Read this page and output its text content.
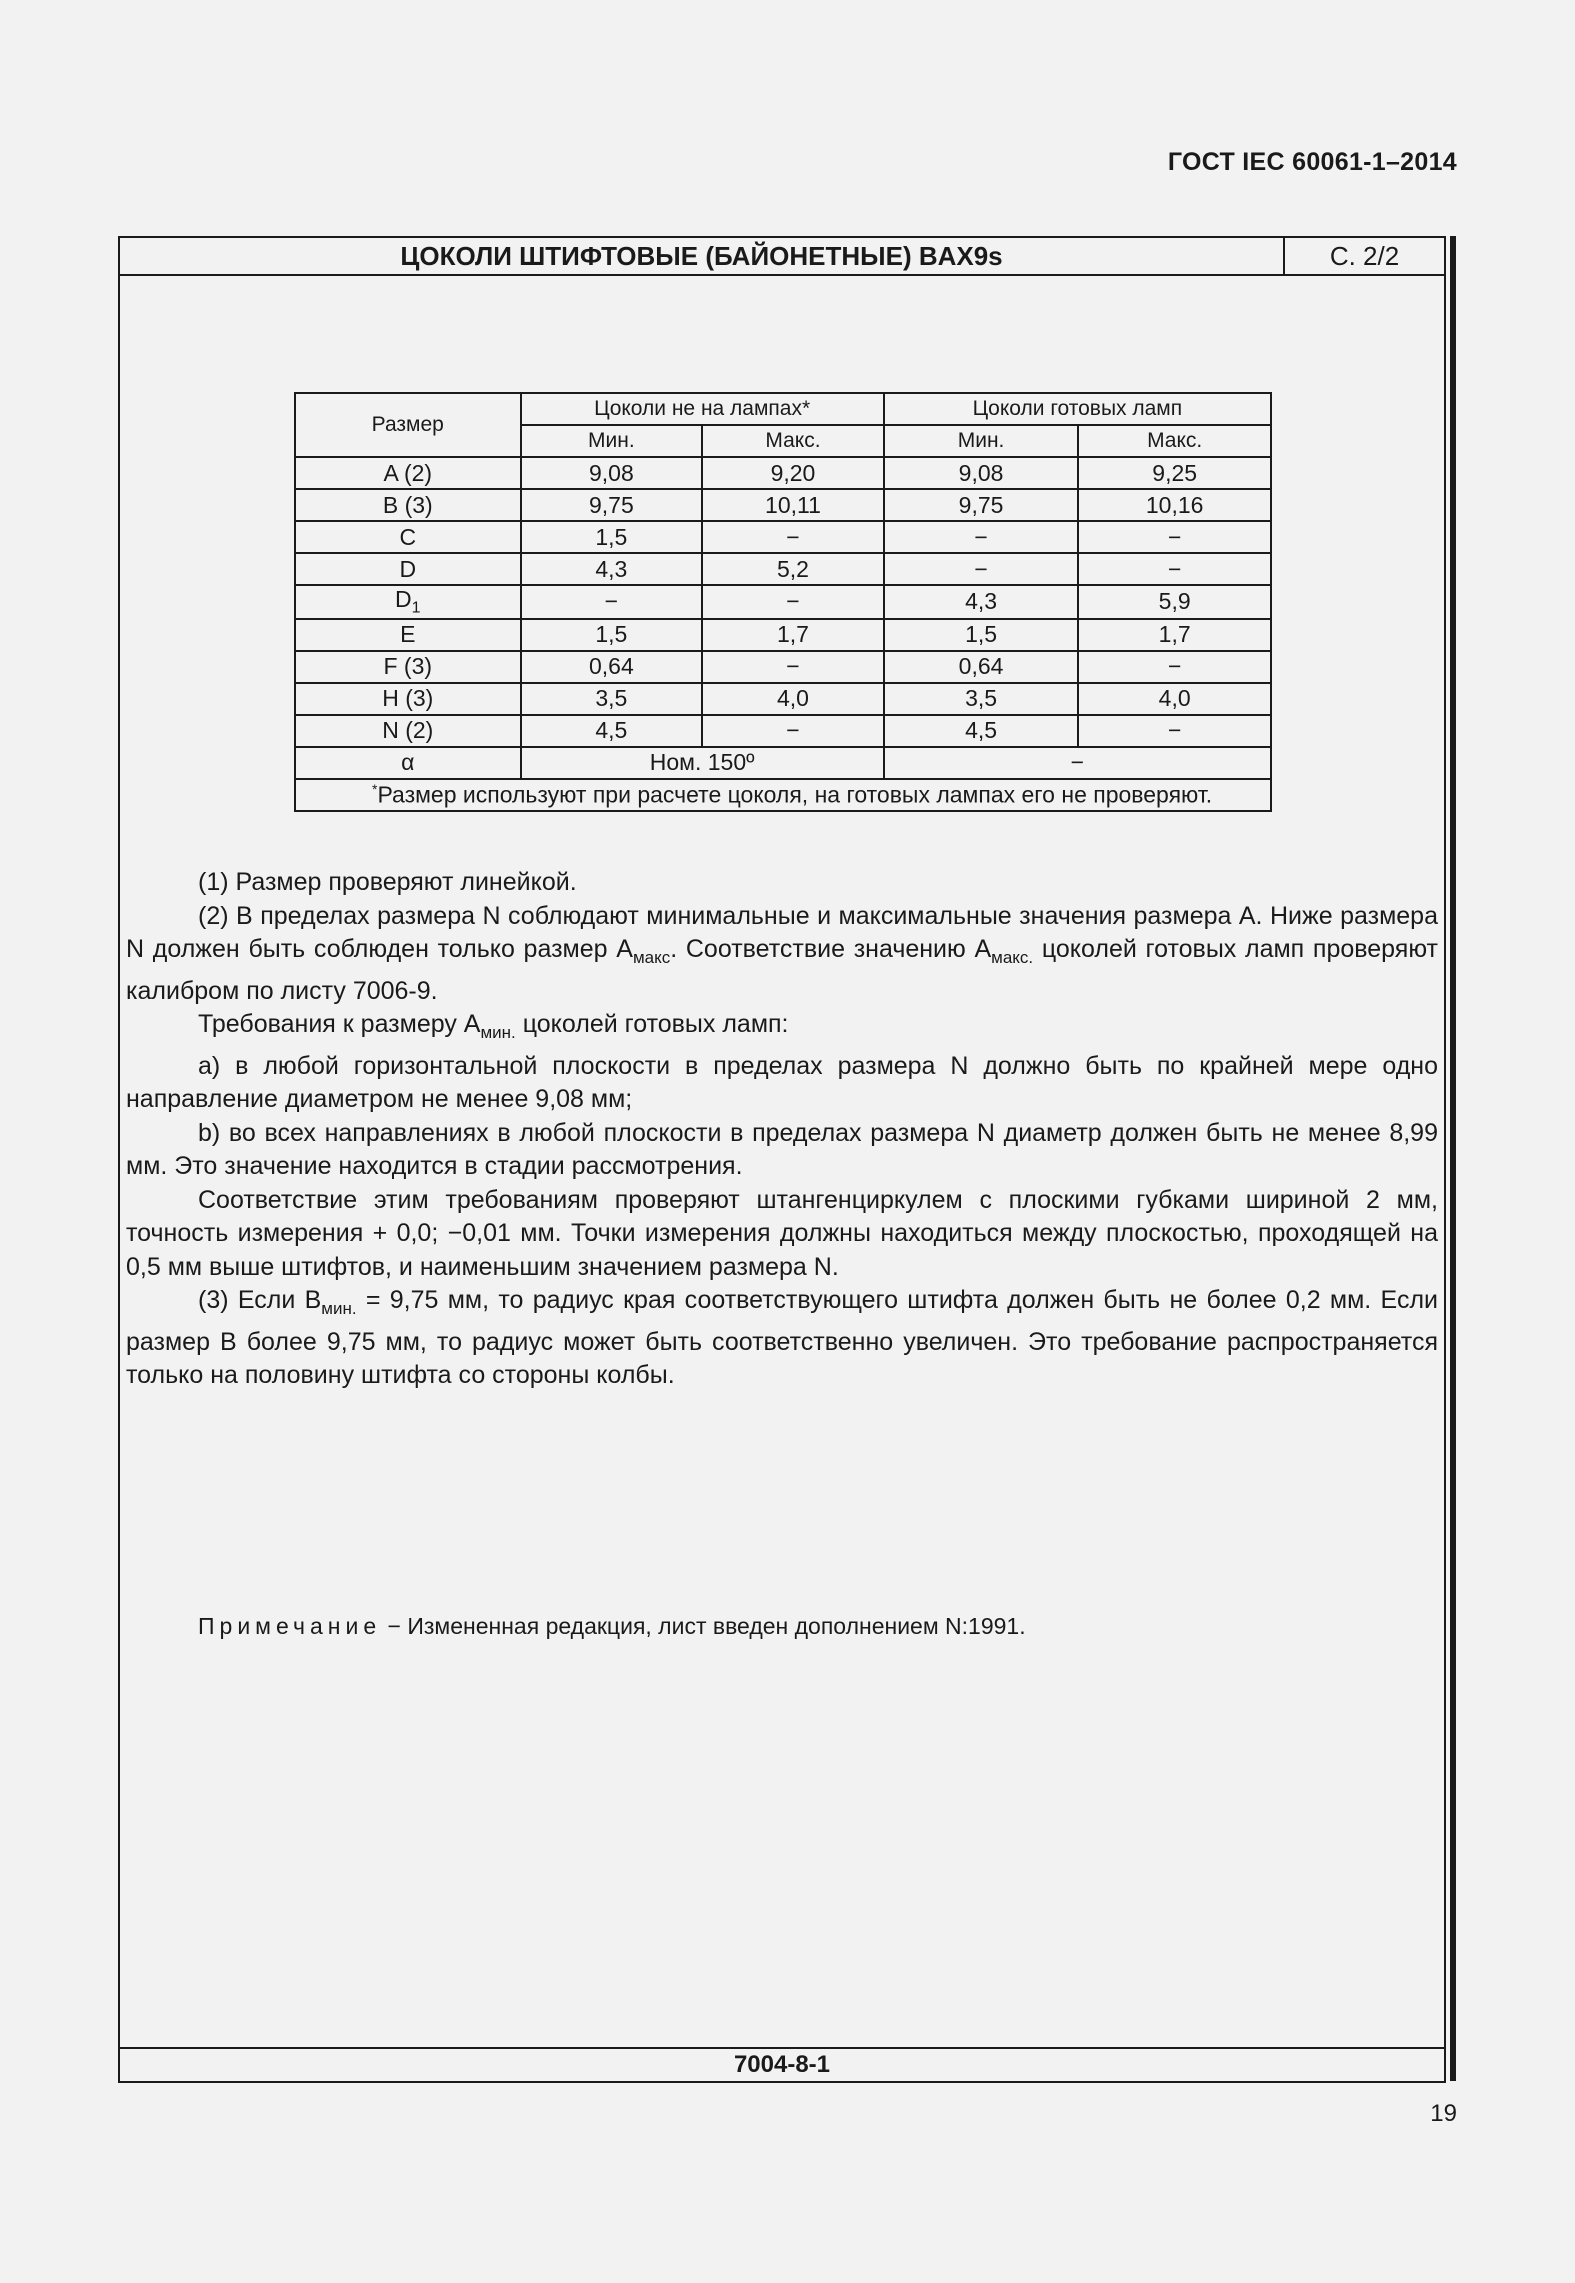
ГОСТ IEC 60061-1–2014
ЦОКОЛИ ШТИФТОВЫЕ (БАЙОНЕТНЫЕ) BAX9s	С. 2/2
Размер	Цоколи не на лампах*		Цоколи готовых ламп	
	Мин.	Макс.	Мин.	Макс.
A (2)	9,08	9,20	9,08	9,25
B (3)	9,75	10,11	9,75	10,16
C	1,5	−	−	−
D	4,3	5,2	−	−
$D_1$	−	−	4,3	5,9
E	1,5	1,7	1,5	1,7
F (3)	0,64	−	0,64	−
H (3)	3,5	4,0	3,5	4,0
N (2)	4,5	−	4,5	−
α	Ном. 150º		−	
*Размер используют при расчете цоколя, на готовых лампах его не проверяют.				

(1) Размер проверяют линейкой.

(2) В пределах размера N соблюдают минимальные и максимальные значения размера А. Ниже размера N должен быть соблюден только размер $А_{макс}$. Соответствие значению $А_{макс.}$ цоколей готовых ламп проверяют калибром по листу 7006-9.

Требования к размеру $А_{мин.}$ цоколей готовых ламп:

а) в любой горизонтальной плоскости в пределах размера N должно быть по крайней мере одно направление диаметром не менее 9,08 мм;

b) во всех направлениях в любой плоскости в пределах размера N диаметр должен быть не менее 8,99 мм. Это значение находится в стадии рассмотрения.

Соответствие этим требованиям проверяют штангенциркулем с плоскими губками шириной 2 мм, точность измерения + 0,0; −0,01 мм. Точки измерения должны находиться между плоскостью, проходящей на 0,5 мм выше штифтов, и наименьшим значением размера N.

(3) Если $В_{мин.} = 9,75$ мм, то радиус края соответствующего штифта должен быть не более 0,2 мм. Если размер В более 9,75 мм, то радиус может быть соответственно увеличен. Это требование распространяется только на половину штифта со стороны колбы.

Примечание − Измененная редакция, лист введен дополнением N:1991.
7004-8-1
19
